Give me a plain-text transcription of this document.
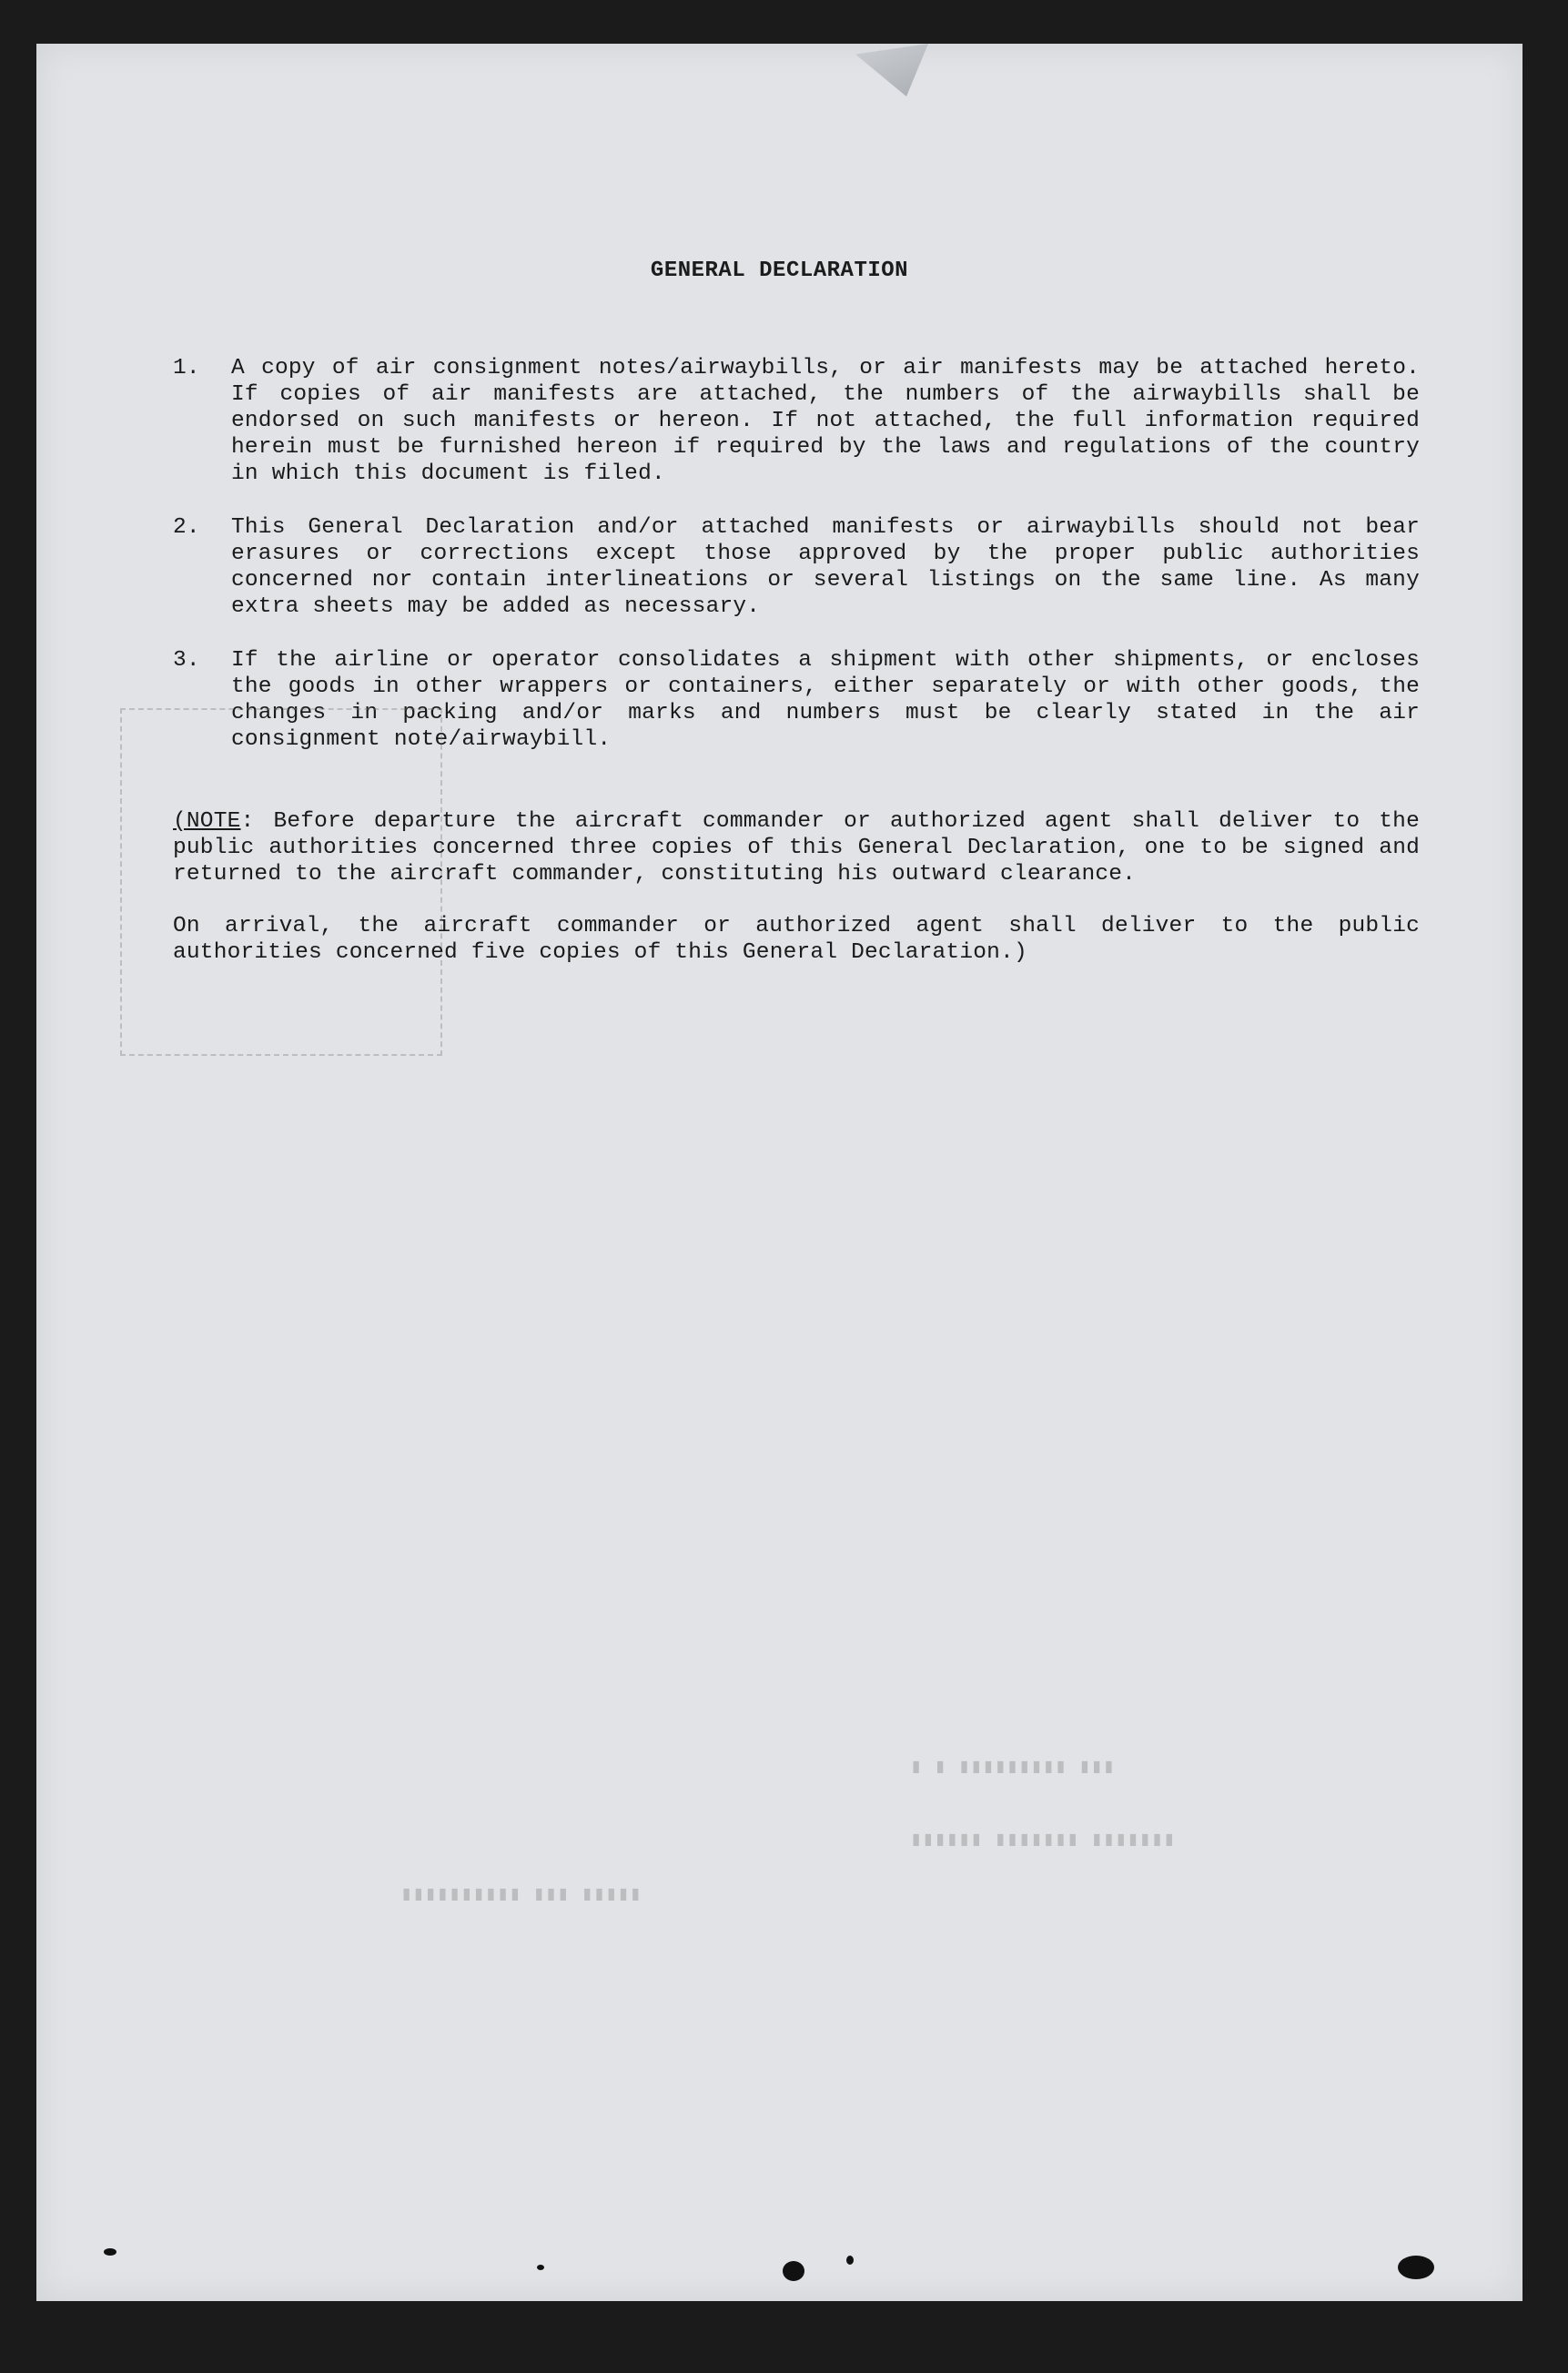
GENERAL DECLARATION
1. A copy of air consignment notes/airwaybills, or air manifests may be attached hereto. If copies of air manifests are attached, the numbers of the airwaybills shall be endorsed on such manifests or hereon. If not attached, the full information required herein must be furnished hereon if required by the laws and regulations of the country in which this document is filed.
2. This General Declaration and/or attached manifests or airwaybills should not bear erasures or corrections except those approved by the proper public authorities concerned nor contain interlineations or several listings on the same line. As many extra sheets may be added as necessary.
3. If the airline or operator consolidates a shipment with other shipments, or encloses the goods in other wrappers or containers, either separately or with other goods, the changes in packing and/or marks and numbers must be clearly stated in the air consignment note/airwaybill.
(NOTE: Before departure the aircraft commander or authorized agent shall deliver to the public authorities concerned three copies of this General Declaration, one to be signed and returned to the aircraft commander, constituting his outward clearance.
On arrival, the aircraft commander or authorized agent shall deliver to the public authorities concerned five copies of this General Declaration.)
▮▮▮ ▮▮▮▮▮▮▮▮▮ ▮ ▮
▮▮▮▮▮▮▮ ▮▮▮▮▮▮▮ ▮▮▮▮▮▮
▮▮▮▮▮ ▮▮▮ ▮▮▮▮▮▮▮▮▮▮
